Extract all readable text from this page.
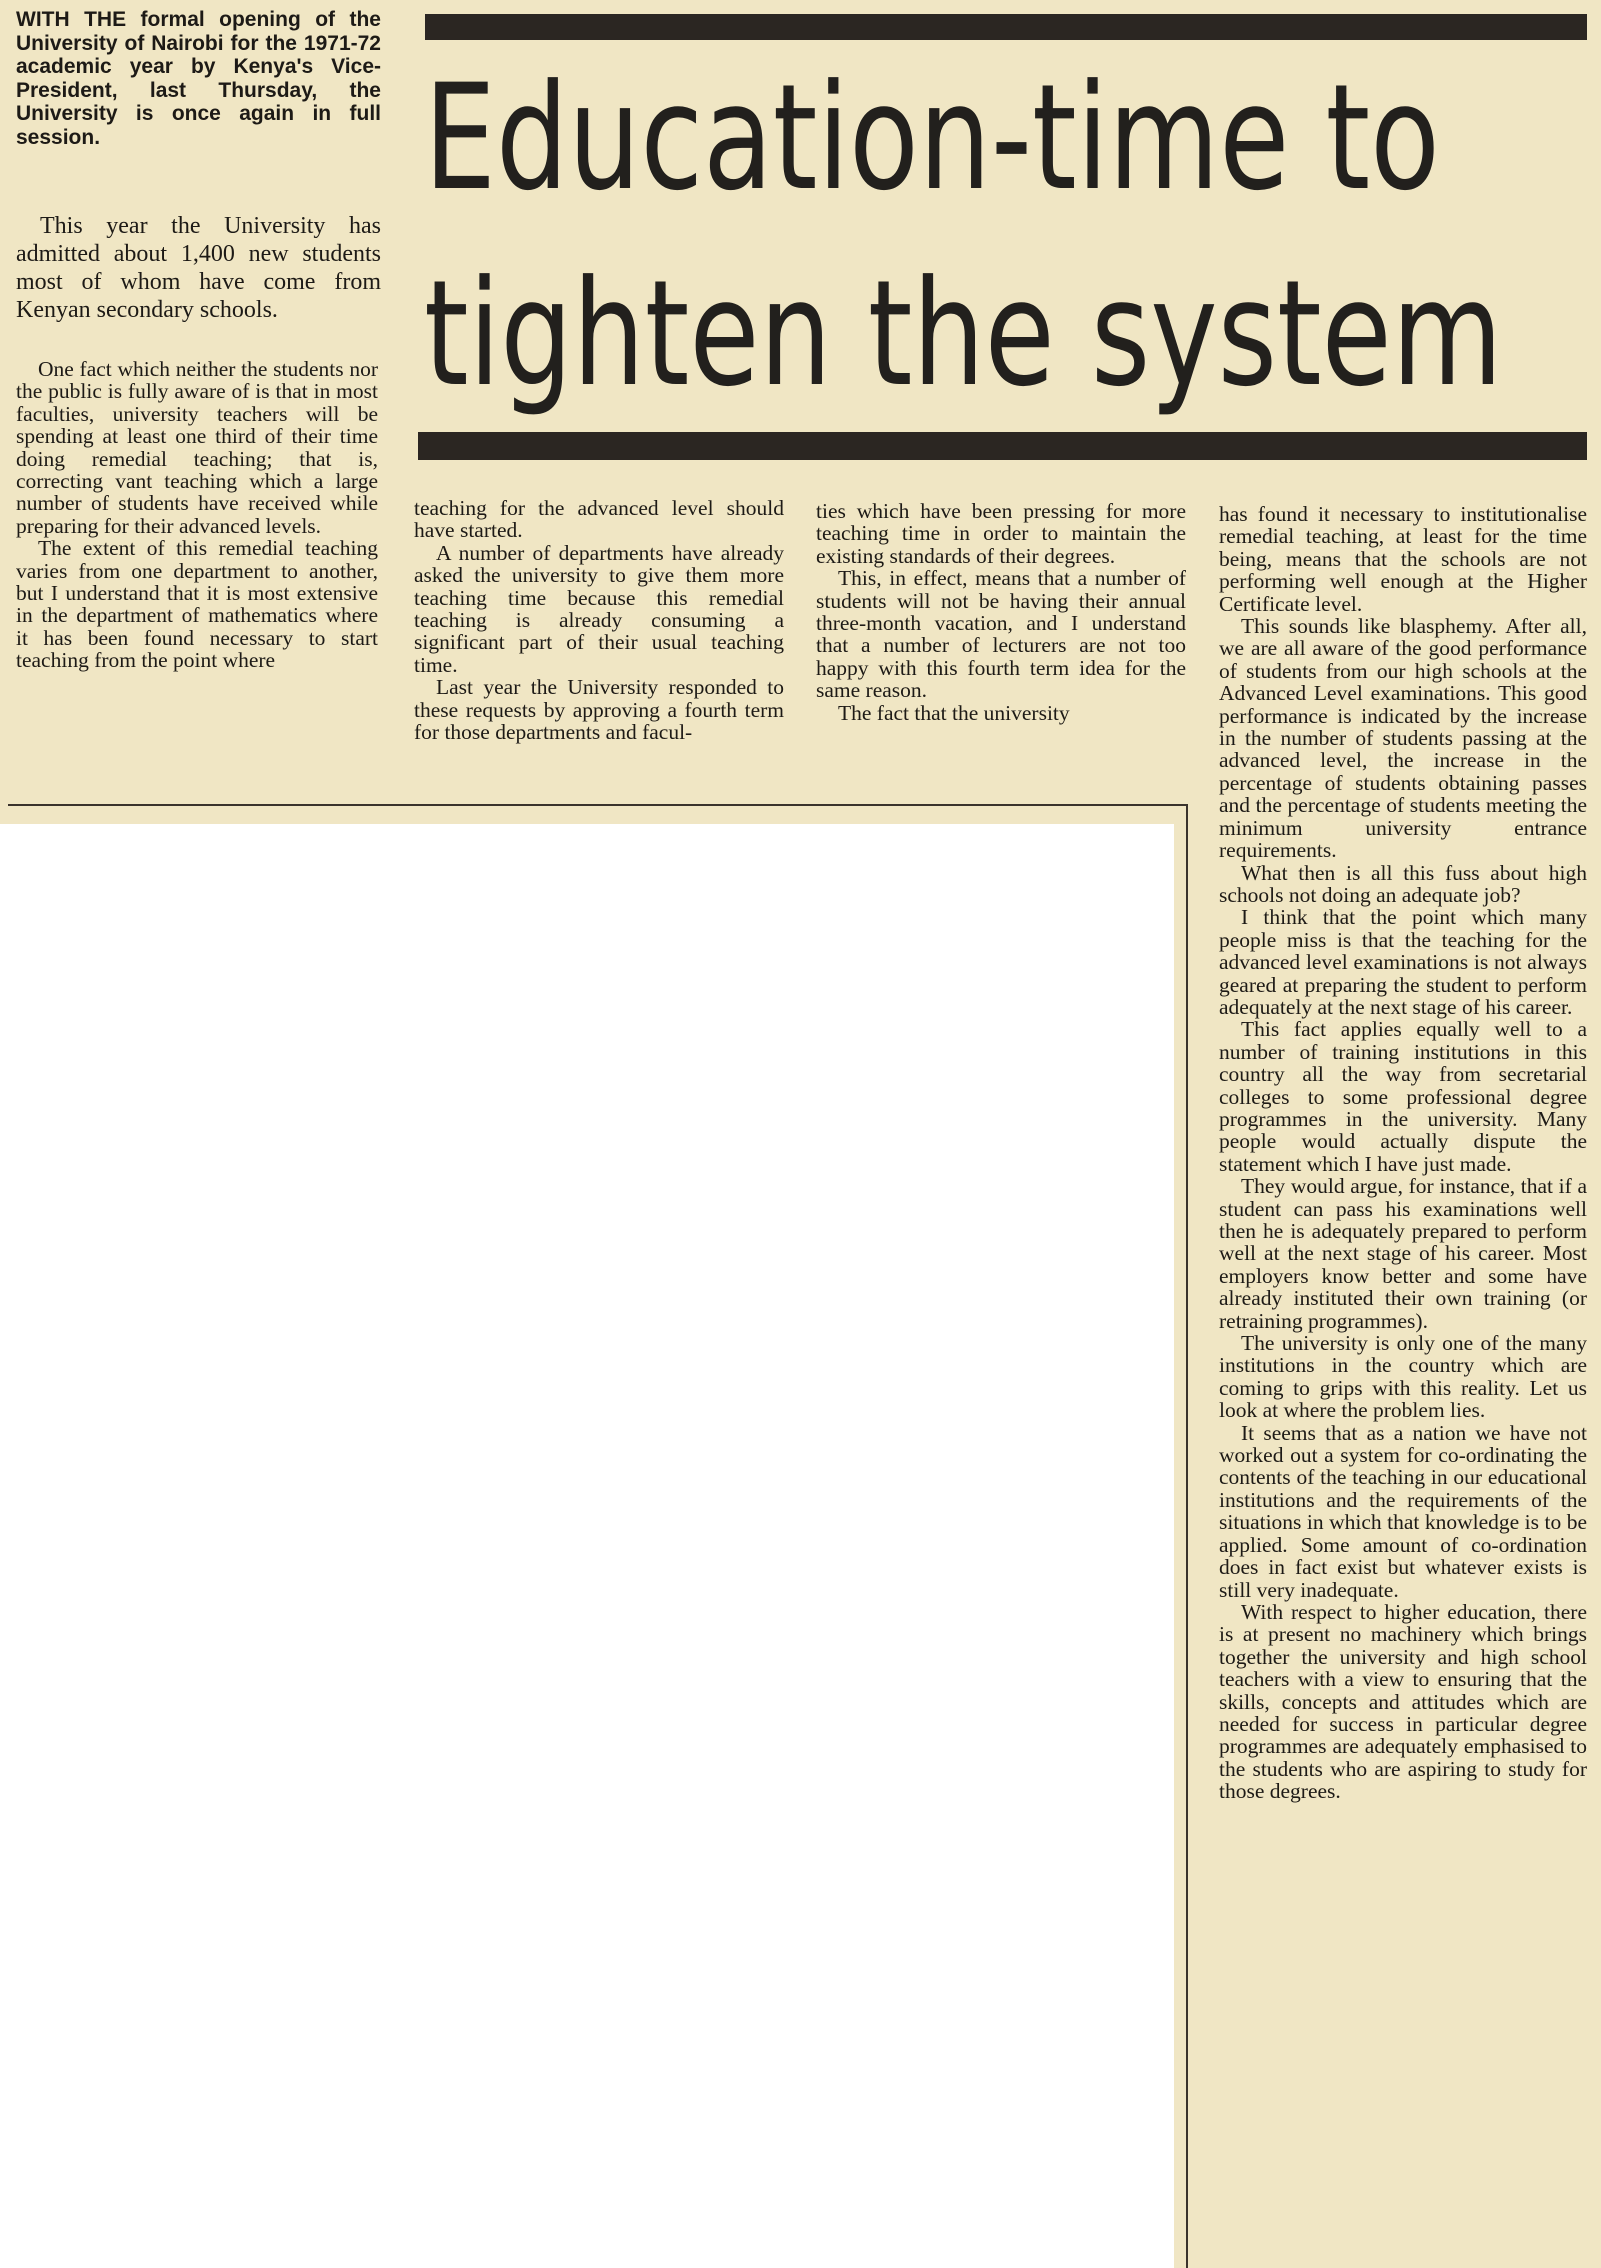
Education-time to
tighten the system

WITH THE formal opening of the University of Nairobi for the 1971-72 academic year by Kenya's Vice-President, last Thursday, the University is once again in full session.

This year the University has admitted about 1,400 new students most of whom have come from Kenyan secondary schools.

One fact which neither the students nor the public is fully aware of is that in most faculties, university teachers will be spending at least one third of their time doing remedial teaching; that is, correcting vant teaching which a large number of students have received while preparing for their advanced levels.

The extent of this remedial teaching varies from one department to another, but I understand that it is most extensive in the department of mathematics where it has been found necessary to start teaching from the point where

teaching for the advanced level should have started.

A number of departments have already asked the university to give them more teaching time because this remedial teaching is already consuming a significant part of their usual teaching time.

Last year the University responded to these requests by approving a fourth term for those departments and facul-

ties which have been pressing for more teaching time in order to maintain the existing standards of their degrees.

This, in effect, means that a number of students will not be having their annual three-month vacation, and I understand that a number of lecturers are not too happy with this fourth term idea for the same reason.

The fact that the university

has found it necessary to institutionalise remedial teaching, at least for the time being, means that the schools are not performing well enough at the Higher Certificate level.

This sounds like blasphemy. After all, we are all aware of the good performance of students from our high schools at the Advanced Level examinations. This good performance is indicated by the increase in the number of students passing at the advanced level, the increase in the percentage of students obtaining passes and the percentage of students meeting the minimum university entrance requirements.

What then is all this fuss about high schools not doing an adequate job?

I think that the point which many people miss is that the teaching for the advanced level examinations is not always geared at preparing the student to perform adequately at the next stage of his career.

This fact applies equally well to a number of training institutions in this country all the way from secretarial colleges to some professional degree programmes in the university. Many people would actually dispute the statement which I have just made.

They would argue, for instance, that if a student can pass his examinations well then he is adequately prepared to perform well at the next stage of his career. Most employers know better and some have already instituted their own training (or retraining programmes).

The university is only one of the many institutions in the country which are coming to grips with this reality. Let us look at where the problem lies.

It seems that as a nation we have not worked out a system for co-ordinating the contents of the teaching in our educational institutions and the requirements of the situations in which that knowledge is to be applied. Some amount of co-ordination does in fact exist but whatever exists is still very inadequate.

With respect to higher education, there is at present no machinery which brings together the university and high school teachers with a view to ensuring that the skills, concepts and attitudes which are needed for success in particular degree programmes are adequately emphasised to the students who are aspiring to study for those degrees.
